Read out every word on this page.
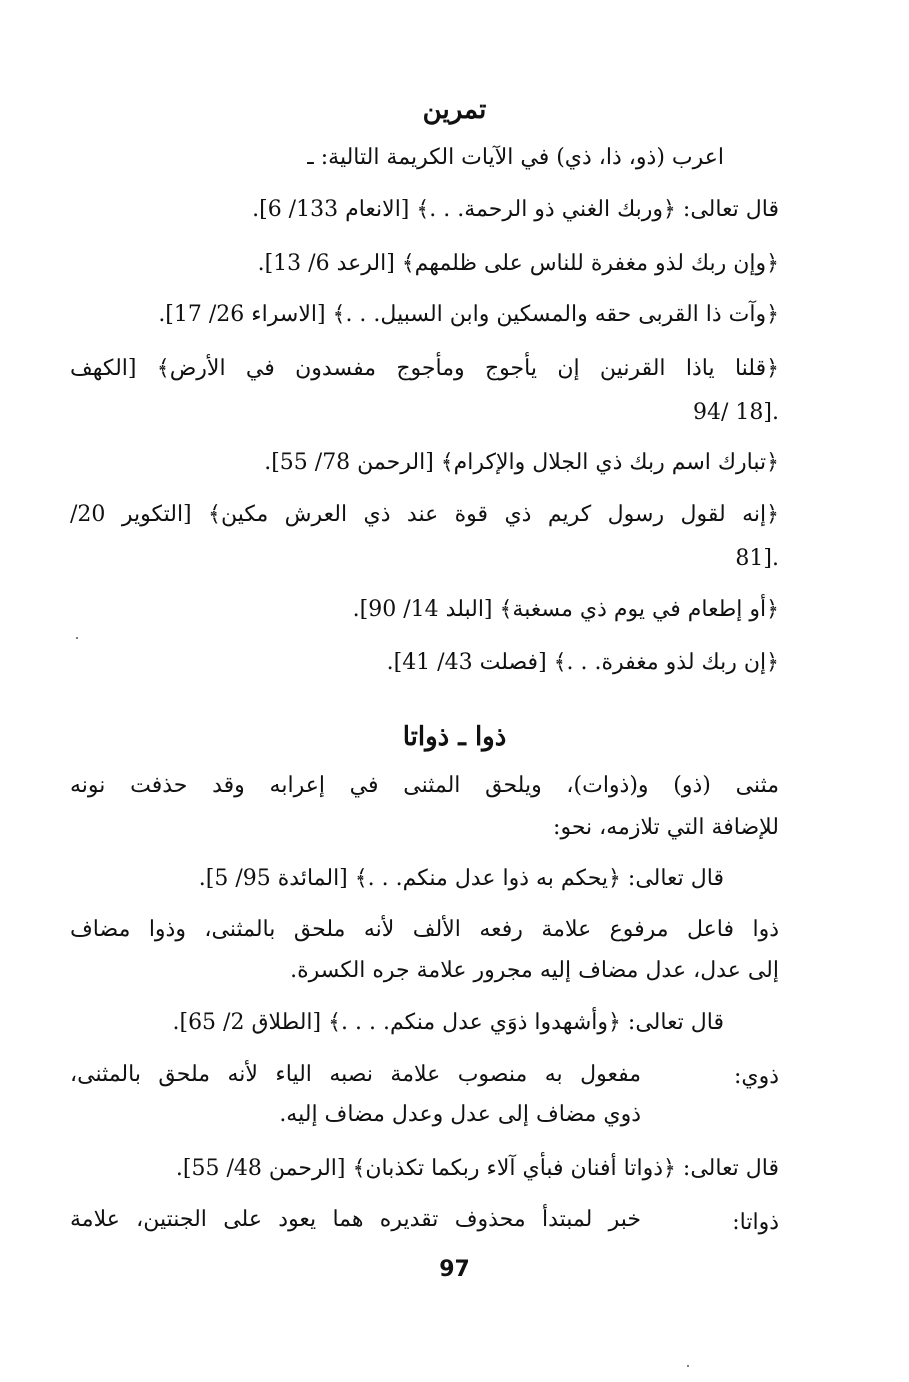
تمرين
اعرب (ذو، ذا، ذي) في الآيات الكريمة التالية: ـ
قال تعالى: ﴿وربك الغني ذو الرحمة. . .﴾ [الانعام 133/ 6].
﴿وإن ربك لذو مغفرة للناس على ظلمهم﴾ [الرعد 6/ 13].
﴿وآت ذا القربى حقه والمسكين وابن السبيل. . .﴾ [الاسراء 26/ 17].
﴿قلنا ياذا القرنين إن يأجوج ومأجوج مفسدون في الأرض﴾ [الكهف
94/ 18].
﴿تبارك اسم ربك ذي الجلال والإكرام﴾ [الرحمن 78/ 55].
﴿إنه لقول رسول كريم ذي قوة عند ذي العرش مكين﴾ [التكوير 20/
81].
﴿أو إطعام في يوم ذي مسغبة﴾ [البلد 14/ 90].
﴿إن ربك لذو مغفرة. . .﴾ [فصلت 43/ 41].
ذوا ـ ذواتا
مثنى (ذو) و(ذوات)، ويلحق المثنى في إعرابه وقد حذفت نونه
للإضافة التي تلازمه، نحو:
قال تعالى: ﴿يحكم به ذوا عدل منكم. . .﴾ [المائدة 95/ 5].
ذوا فاعل مرفوع علامة رفعه الألف لأنه ملحق بالمثنى، وذوا مضاف
إلى عدل، عدل مضاف إليه مجرور علامة جره الكسرة.
قال تعالى: ﴿وأشهدوا ذوَي عدل منكم. . . .﴾ [الطلاق 2/ 65].
ذوي:
مفعول به منصوب علامة نصبه الياء لأنه ملحق بالمثنى،
ذوي مضاف إلى عدل وعدل مضاف إليه.
قال تعالى: ﴿ذواتا أفنان فبأي آلاء ربكما تكذبان﴾ [الرحمن 48/ 55].
ذواتا:
خبر لمبتدأ محذوف تقديره هما يعود على الجنتين، علامة
97
